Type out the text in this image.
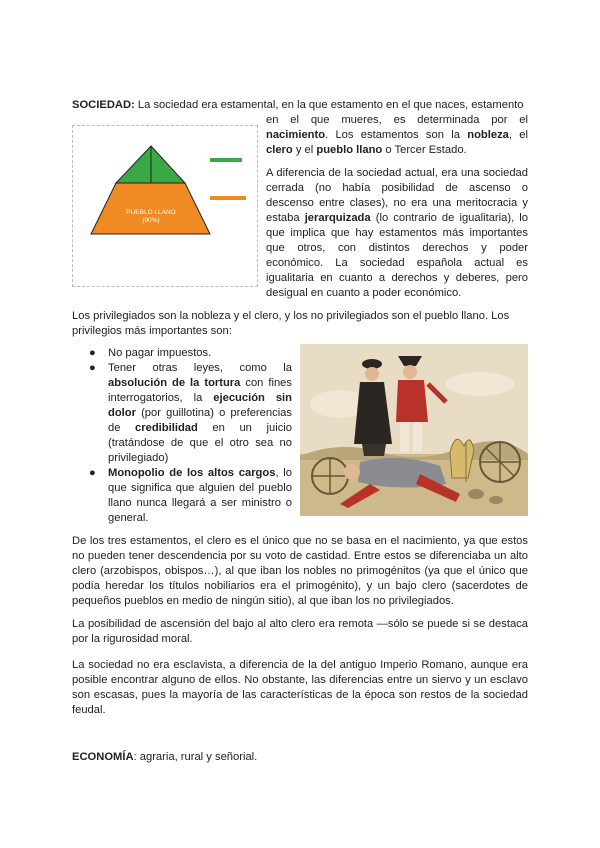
SOCIEDAD: La sociedad era estamental, en la que estamento en el que naces, estamento
en el que mueres, es determinada por el
nacimiento. Los estamentos son la nobleza, el
clero y el pueblo llano o Tercer Estado.
PUEBLO LLANO
(90%)
A diferencia de la sociedad actual, era una sociedad cerrada (no había posibilidad de ascenso o descenso entre clases), no era una meritocracia y estaba jerarquizada (lo contrario de igualitaria), lo que implica que hay estamentos más importantes que otros, con distintos derechos y poder económico. La sociedad española actual es igualitaria en cuanto a derechos y deberes, pero desigual en cuanto a poder económico.
Los privilegiados son la nobleza y el clero, y los no privilegiados son el pueblo llano. Los privilegios más importantes son:
● No pagar impuestos.
● Tener otras leyes, como la absolución de la tortura con fines interrogatorios, la ejecución sin dolor (por guillotina) o preferencias de credibilidad en un juicio (tratándose de que el otro sea no privilegiado)
● Monopolio de los altos cargos, lo que significa que alguien del pueblo llano nunca llegará a ser ministro o general.
De los tres estamentos, el clero es el único que no se basa en el nacimiento, ya que estos no pueden tener descendencia por su voto de castidad. Entre estos se diferenciaba un alto clero (arzobispos, obispos…), al que iban los nobles no primogénitos (ya que el único que podía heredar los títulos nobiliarios era el primogénito), y un bajo clero (sacerdotes de pequeños pueblos en medio de ningún sitio), al que iban los no privilegiados.
La posibilidad de ascensión del bajo al alto clero era remota —sólo se puede si se destaca por la rigurosidad moral.
La sociedad no era esclavista, a diferencia de la del antiguo Imperio Romano, aunque era posible encontrar alguno de ellos. No obstante, las diferencias entre un siervo y un esclavo son escasas, pues la mayoría de las características de la época son restos de la sociedad feudal.
ECONOMÍA: agraria, rural y señorial.
